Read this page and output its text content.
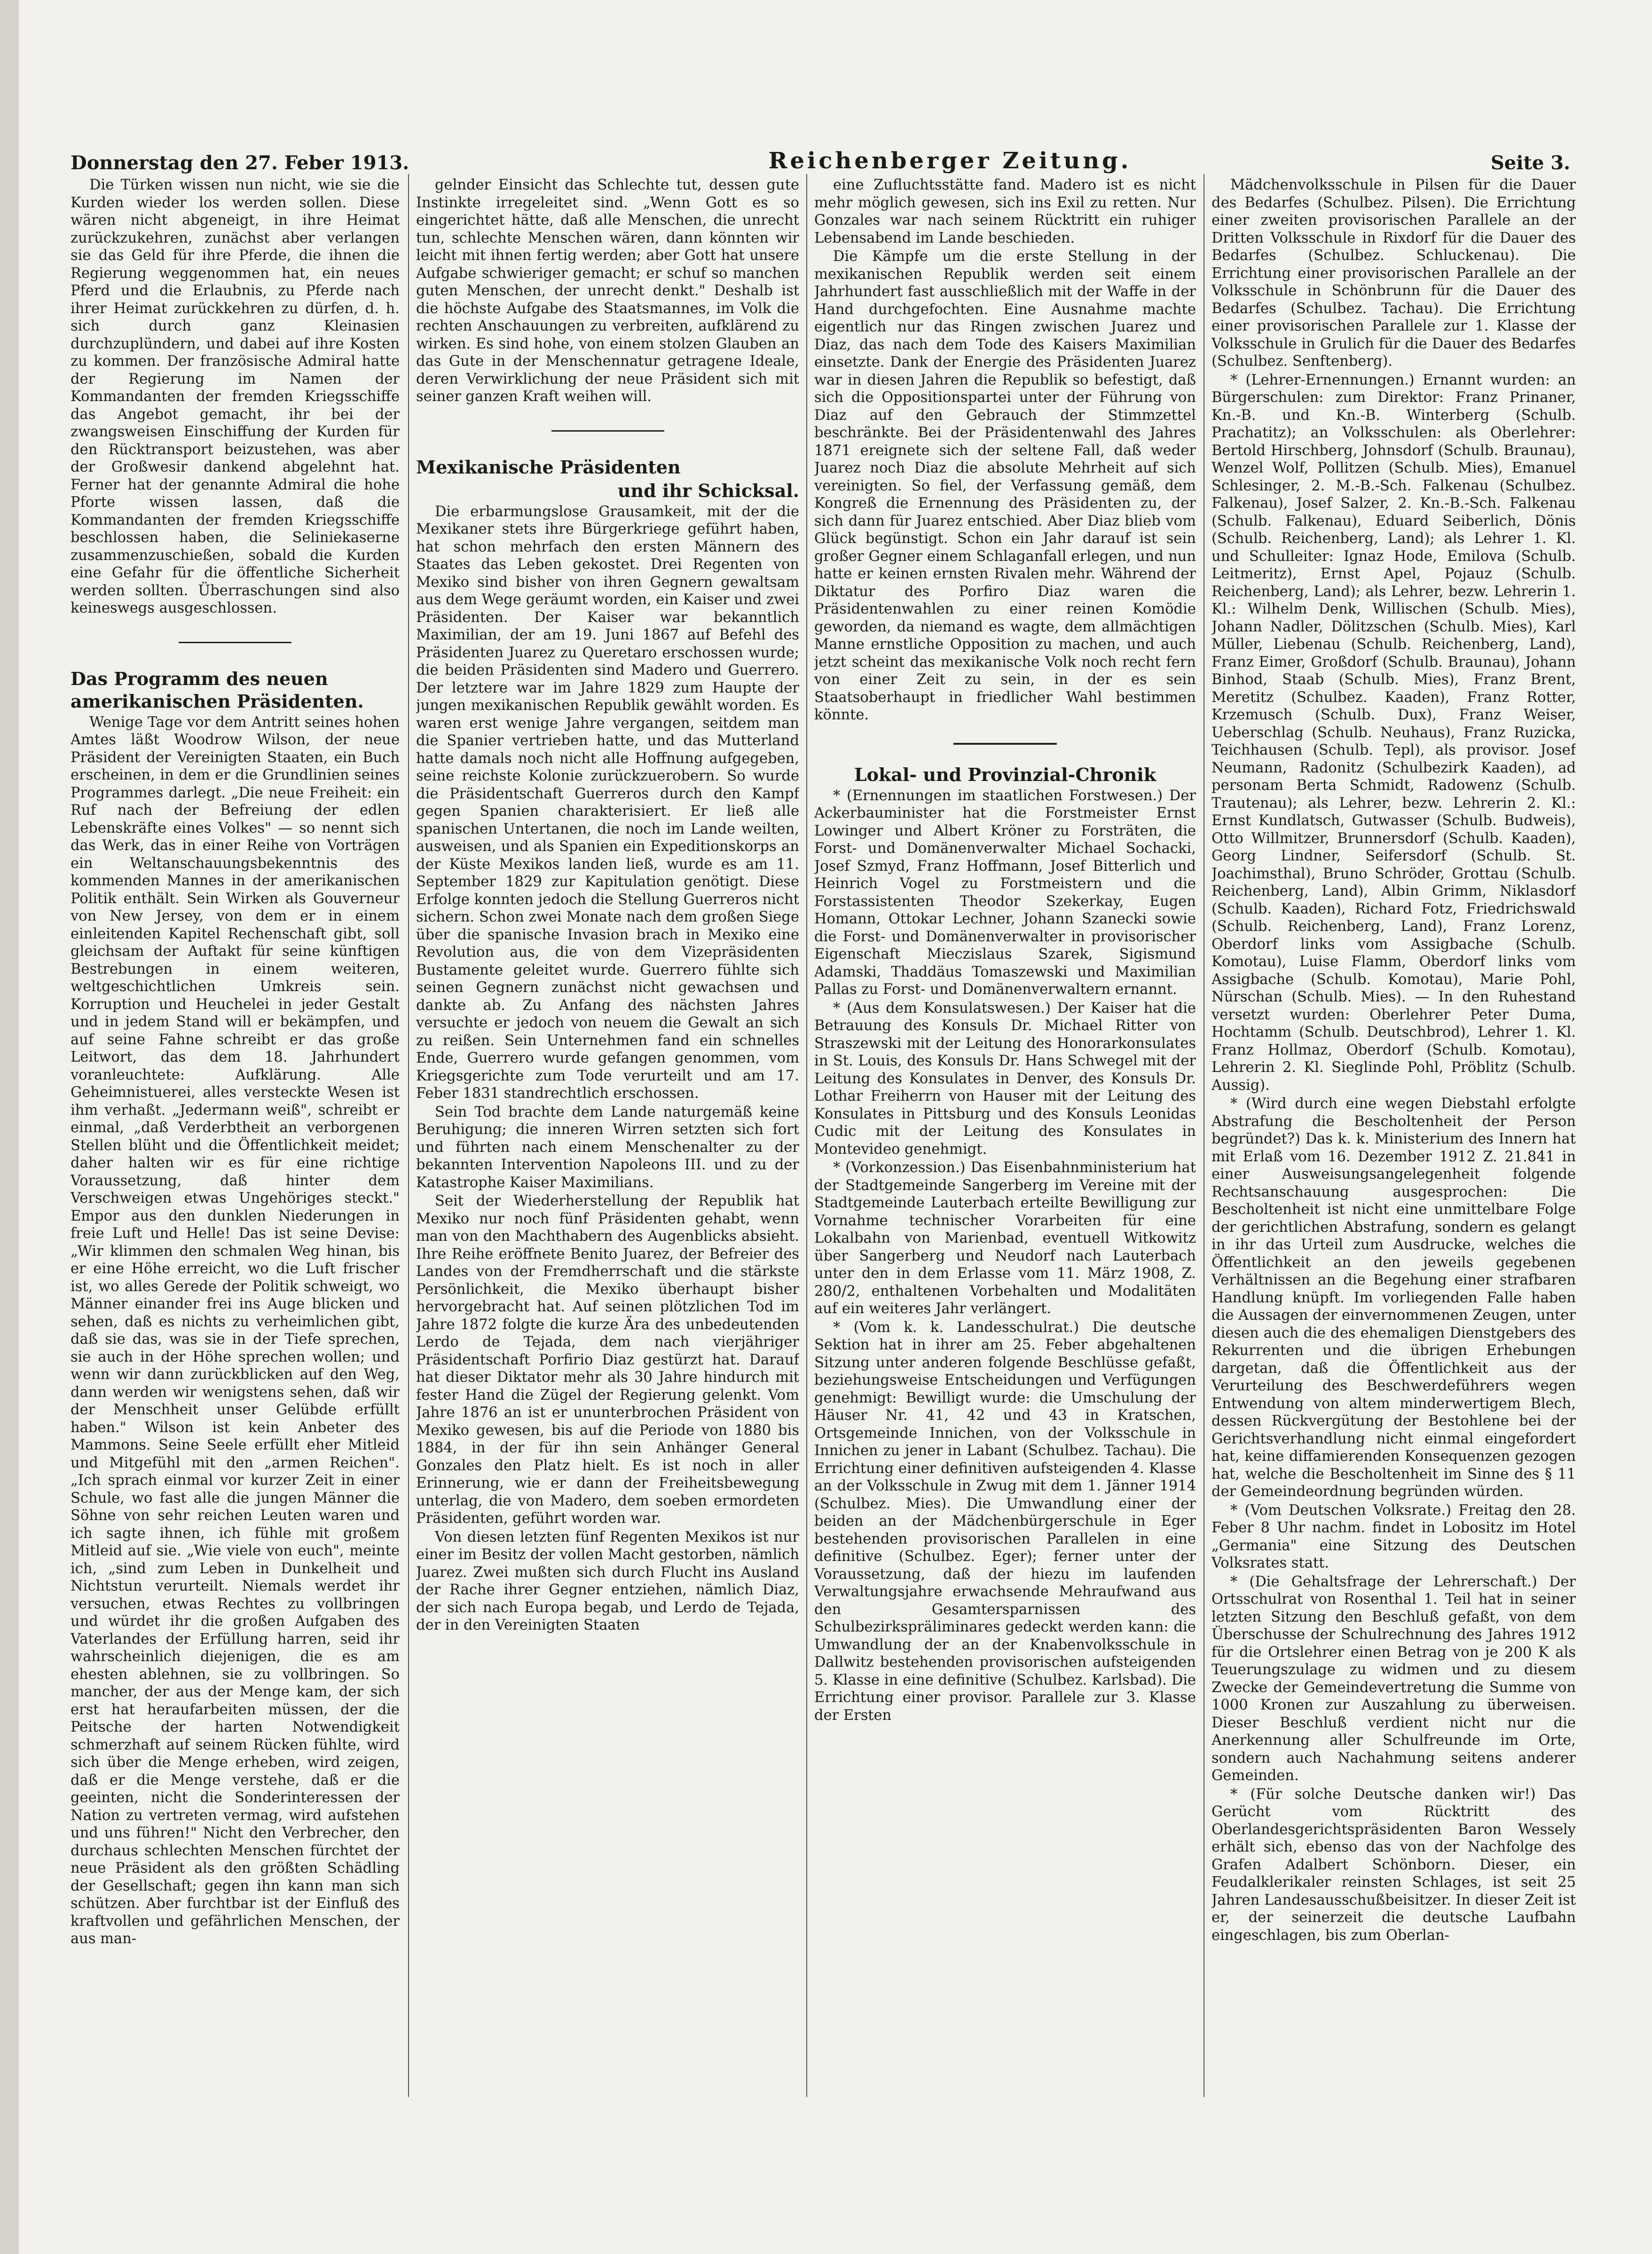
Donnerstag den 27. Feber 1913.	Reichenberger Zeitung.	Seite 3.

Die Türken wissen nun nicht, wie sie die Kurden wieder los werden sollen. Diese wären nicht abgeneigt, in ihre Heimat zurückzukehren, zunächst aber verlangen sie das Geld für ihre Pferde, die ihnen die Regierung weggenommen hat, ein neues Pferd und die Erlaubnis, zu Pferde nach ihrer Heimat zurückkehren zu dürfen, d. h. sich durch ganz Kleinasien durchzuplündern, und dabei auf ihre Kosten zu kommen. Der französische Admiral hatte der Regierung im Namen der Kommandanten der fremden Kriegsschiffe das Angebot gemacht, ihr bei der zwangsweisen Einschiffung der Kurden für den Rücktransport beizustehen, was aber der Großwesir dankend abgelehnt hat. Ferner hat der genannte Admiral die hohe Pforte wissen lassen, daß die Kommandanten der fremden Kriegsschiffe beschlossen haben, die Seliniekaserne zusammenzuschießen, sobald die Kurden eine Gefahr für die öffentliche Sicherheit werden sollten. Überraschungen sind also keineswegs ausgeschlossen.

Das Programm des neuen amerikanischen Präsidenten.

Wenige Tage vor dem Antritt seines hohen Amtes läßt Woodrow Wilson, der neue Präsident der Vereinigten Staaten, ein Buch erscheinen, in dem er die Grundlinien seines Programmes darlegt. „Die neue Freiheit: ein Ruf nach der Befreiung der edlen Lebenskräfte eines Volkes" — so nennt sich das Werk, das in einer Reihe von Vorträgen ein Weltanschauungsbekenntnis des kommenden Mannes in der amerikanischen Politik enthält. Sein Wirken als Gouverneur von New Jersey, von dem er in einem einleitenden Kapitel Rechenschaft gibt, soll gleichsam der Auftakt für seine künftigen Bestrebungen in einem weiteren, weltgeschichtlichen Umkreis sein. Korruption und Heuchelei in jeder Gestalt und in jedem Stand will er bekämpfen, und auf seine Fahne schreibt er das große Leitwort, das dem 18. Jahrhundert voranleuchtete: Aufklärung. Alle Geheimnistuerei, alles versteckte Wesen ist ihm verhaßt. „Jedermann weiß", schreibt er einmal, „daß Verderbtheit an verborgenen Stellen blüht und die Öffentlichkeit meidet; daher halten wir es für eine richtige Voraussetzung, daß hinter dem Verschweigen etwas Ungehöriges steckt." Empor aus den dunklen Niederungen in freie Luft und Helle! Das ist seine Devise: „Wir klimmen den schmalen Weg hinan, bis er eine Höhe erreicht, wo die Luft frischer ist, wo alles Gerede der Politik schweigt, wo Männer einander frei ins Auge blicken und sehen, daß es nichts zu verheimlichen gibt, daß sie das, was sie in der Tiefe sprechen, sie auch in der Höhe sprechen wollen; und wenn wir dann zurückblicken auf den Weg, dann werden wir wenigstens sehen, daß wir der Menschheit unser Gelübde erfüllt haben." Wilson ist kein Anbeter des Mammons. Seine Seele erfüllt eher Mitleid und Mitgefühl mit den „armen Reichen". „Ich sprach einmal vor kurzer Zeit in einer Schule, wo fast alle die jungen Männer die Söhne von sehr reichen Leuten waren und ich sagte ihnen, ich fühle mit großem Mitleid auf sie. „Wie viele von euch", meinte ich, „sind zum Leben in Dunkelheit und Nichtstun verurteilt. Niemals werdet ihr versuchen, etwas Rechtes zu vollbringen und würdet ihr die großen Aufgaben des Vaterlandes der Erfüllung harren, seid ihr wahrscheinlich diejenigen, die es am ehesten ablehnen, sie zu vollbringen. So mancher, der aus der Menge kam, der sich erst hat heraufarbeiten müssen, der die Peitsche der harten Notwendigkeit schmerzhaft auf seinem Rücken fühlte, wird sich über die Menge erheben, wird zeigen, daß er die Menge verstehe, daß er die geeinten, nicht die Sonderinteressen der Nation zu vertreten vermag, wird aufstehen und uns führen!" Nicht den Verbrecher, den durchaus schlechten Menschen fürchtet der neue Präsident als den größten Schädling der Gesellschaft; gegen ihn kann man sich schützen. Aber furchtbar ist der Einfluß des kraftvollen und gefährlichen Menschen, der aus man-

gelnder Einsicht das Schlechte tut, dessen gute Instinkte irregeleitet sind. „Wenn Gott es so eingerichtet hätte, daß alle Menschen, die unrecht tun, schlechte Menschen wären, dann könnten wir leicht mit ihnen fertig werden; aber Gott hat unsere Aufgabe schwieriger gemacht; er schuf so manchen guten Menschen, der unrecht denkt." Deshalb ist die höchste Aufgabe des Staatsmannes, im Volk die rechten Anschauungen zu verbreiten, aufklärend zu wirken. Es sind hohe, von einem stolzen Glauben an das Gute in der Menschennatur getragene Ideale, deren Verwirklichung der neue Präsident sich mit seiner ganzen Kraft weihen will.

Mexikanische Präsidenten

und ihr Schicksal.

Die erbarmungslose Grausamkeit, mit der die Mexikaner stets ihre Bürgerkriege geführt haben, hat schon mehrfach den ersten Männern des Staates das Leben gekostet. Drei Regenten von Mexiko sind bisher von ihren Gegnern gewaltsam aus dem Wege geräumt worden, ein Kaiser und zwei Präsidenten. Der Kaiser war bekanntlich Maximilian, der am 19. Juni 1867 auf Befehl des Präsidenten Juarez zu Queretaro erschossen wurde; die beiden Präsidenten sind Madero und Guerrero. Der letztere war im Jahre 1829 zum Haupte der jungen mexikanischen Republik gewählt worden. Es waren erst wenige Jahre vergangen, seitdem man die Spanier vertrieben hatte, und das Mutterland hatte damals noch nicht alle Hoffnung aufgegeben, seine reichste Kolonie zurückzuerobern. So wurde die Präsidentschaft Guerreros durch den Kampf gegen Spanien charakterisiert. Er ließ alle spanischen Untertanen, die noch im Lande weilten, ausweisen, und als Spanien ein Expeditionskorps an der Küste Mexikos landen ließ, wurde es am 11. September 1829 zur Kapitulation genötigt. Diese Erfolge konnten jedoch die Stellung Guerreros nicht sichern. Schon zwei Monate nach dem großen Siege über die spanische Invasion brach in Mexiko eine Revolution aus, die von dem Vizepräsidenten Bustamente geleitet wurde. Guerrero fühlte sich seinen Gegnern zunächst nicht gewachsen und dankte ab. Zu Anfang des nächsten Jahres versuchte er jedoch von neuem die Gewalt an sich zu reißen. Sein Unternehmen fand ein schnelles Ende, Guerrero wurde gefangen genommen, vom Kriegsgerichte zum Tode verurteilt und am 17. Feber 1831 standrechtlich erschossen.

Sein Tod brachte dem Lande naturgemäß keine Beruhigung; die inneren Wirren setzten sich fort und führten nach einem Menschenalter zu der bekannten Intervention Napoleons III. und zu der Katastrophe Kaiser Maximilians.

Seit der Wiederherstellung der Republik hat Mexiko nur noch fünf Präsidenten gehabt, wenn man von den Machthabern des Augenblicks absieht. Ihre Reihe eröffnete Benito Juarez, der Befreier des Landes von der Fremdherrschaft und die stärkste Persönlichkeit, die Mexiko überhaupt bisher hervorgebracht hat. Auf seinen plötzlichen Tod im Jahre 1872 folgte die kurze Ära des unbedeutenden Lerdo de Tejada, dem nach vierjähriger Präsidentschaft Porfirio Diaz gestürzt hat. Darauf hat dieser Diktator mehr als 30 Jahre hindurch mit fester Hand die Zügel der Regierung gelenkt. Vom Jahre 1876 an ist er ununterbrochen Präsident von Mexiko gewesen, bis auf die Periode von 1880 bis 1884, in der für ihn sein Anhänger General Gonzales den Platz hielt. Es ist noch in aller Erinnerung, wie er dann der Freiheitsbewegung unterlag, die von Madero, dem soeben ermordeten Präsidenten, geführt worden war.

Von diesen letzten fünf Regenten Mexikos ist nur einer im Besitz der vollen Macht gestorben, nämlich Juarez. Zwei mußten sich durch Flucht ins Ausland der Rache ihrer Gegner entziehen, nämlich Diaz, der sich nach Europa begab, und Lerdo de Tejada, der in den Vereinigten Staaten

eine Zufluchtsstätte fand. Madero ist es nicht mehr möglich gewesen, sich ins Exil zu retten. Nur Gonzales war nach seinem Rücktritt ein ruhiger Lebensabend im Lande beschieden.

Die Kämpfe um die erste Stellung in der mexikanischen Republik werden seit einem Jahrhundert fast ausschließlich mit der Waffe in der Hand durchgefochten. Eine Ausnahme machte eigentlich nur das Ringen zwischen Juarez und Diaz, das nach dem Tode des Kaisers Maximilian einsetzte. Dank der Energie des Präsidenten Juarez war in diesen Jahren die Republik so befestigt, daß sich die Oppositionspartei unter der Führung von Diaz auf den Gebrauch der Stimmzettel beschränkte. Bei der Präsidentenwahl des Jahres 1871 ereignete sich der seltene Fall, daß weder Juarez noch Diaz die absolute Mehrheit auf sich vereinigten. So fiel, der Verfassung gemäß, dem Kongreß die Ernennung des Präsidenten zu, der sich dann für Juarez entschied. Aber Diaz blieb vom Glück begünstigt. Schon ein Jahr darauf ist sein großer Gegner einem Schlaganfall erlegen, und nun hatte er keinen ernsten Rivalen mehr. Während der Diktatur des Porfiro Diaz waren die Präsidentenwahlen zu einer reinen Komödie geworden, da niemand es wagte, dem allmächtigen Manne ernstliche Opposition zu machen, und auch jetzt scheint das mexikanische Volk noch recht fern von einer Zeit zu sein, in der es sein Staatsoberhaupt in friedlicher Wahl bestimmen könnte.

Lokal- und Provinzial-Chronik

* (Ernennungen im staatlichen Forstwesen.) Der Ackerbauminister hat die Forstmeister Ernst Lowinger und Albert Kröner zu Forsträten, die Forst- und Domänenverwalter Michael Sochacki, Josef Szmyd, Franz Hoffmann, Josef Bitterlich und Heinrich Vogel zu Forstmeistern und die Forstassistenten Theodor Szekerkay, Eugen Homann, Ottokar Lechner, Johann Szanecki sowie die Forst- und Domänenverwalter in provisorischer Eigenschaft Mieczislaus Szarek, Sigismund Adamski, Thaddäus Tomaszewski und Maximilian Pallas zu Forst- und Domänenverwaltern ernannt.

* (Aus dem Konsulatswesen.) Der Kaiser hat die Betrauung des Konsuls Dr. Michael Ritter von Straszewski mit der Leitung des Honorarkonsulates in St. Louis, des Konsuls Dr. Hans Schwegel mit der Leitung des Konsulates in Denver, des Konsuls Dr. Lothar Freiherrn von Hauser mit der Leitung des Konsulates in Pittsburg und des Konsuls Leonidas Cudic mit der Leitung des Konsulates in Montevideo genehmigt.

* (Vorkonzession.) Das Eisenbahnministerium hat der Stadtgemeinde Sangerberg im Vereine mit der Stadtgemeinde Lauterbach erteilte Bewilligung zur Vornahme technischer Vorarbeiten für eine Lokalbahn von Marienbad, eventuell Witkowitz über Sangerberg und Neudorf nach Lauterbach unter den in dem Erlasse vom 11. März 1908, Z. 280/2, enthaltenen Vorbehalten und Modalitäten auf ein weiteres Jahr verlängert.

* (Vom k. k. Landesschulrat.) Die deutsche Sektion hat in ihrer am 25. Feber abgehaltenen Sitzung unter anderen folgende Beschlüsse gefaßt, beziehungsweise Entscheidungen und Verfügungen genehmigt: Bewilligt wurde: die Umschulung der Häuser Nr. 41, 42 und 43 in Kratschen, Ortsgemeinde Innichen, von der Volksschule in Innichen zu jener in Labant (Schulbez. Tachau). Die Errichtung einer definitiven aufsteigenden 4. Klasse an der Volksschule in Zwug mit dem 1. Jänner 1914 (Schulbez. Mies). Die Umwandlung einer der beiden an der Mädchenbürgerschule in Eger bestehenden provisorischen Parallelen in eine definitive (Schulbez. Eger); ferner unter der Voraussetzung, daß der hiezu im laufenden Verwaltungsjahre erwachsende Mehraufwand aus den Gesamtersparnissen des Schulbezirkspräliminares gedeckt werden kann: die Umwandlung der an der Knabenvolksschule in Dallwitz bestehenden provisorischen aufsteigenden 5. Klasse in eine definitive (Schulbez. Karlsbad). Die Errichtung einer provisor. Parallele zur 3. Klasse der Ersten

Mädchenvolksschule in Pilsen für die Dauer des Bedarfes (Schulbez. Pilsen). Die Errichtung einer zweiten provisorischen Parallele an der Dritten Volksschule in Rixdorf für die Dauer des Bedarfes (Schulbez. Schluckenau). Die Errichtung einer provisorischen Parallele an der Volksschule in Schönbrunn für die Dauer des Bedarfes (Schulbez. Tachau). Die Errichtung einer provisorischen Parallele zur 1. Klasse der Volksschule in Grulich für die Dauer des Bedarfes (Schulbez. Senftenberg).

* (Lehrer-Ernennungen.) Ernannt wurden: an Bürgerschulen: zum Direktor: Franz Prinaner, Kn.-B. und Kn.-B. Winterberg (Schulb. Prachatitz); an Volksschulen: als Oberlehrer: Bertold Hirschberg, Johnsdorf (Schulb. Braunau), Wenzel Wolf, Pollitzen (Schulb. Mies), Emanuel Schlesinger, 2. M.-B.-Sch. Falkenau (Schulbez. Falkenau), Josef Salzer, 2. Kn.-B.-Sch. Falkenau (Schulb. Falkenau), Eduard Seiberlich, Dönis (Schulb. Reichenberg, Land); als Lehrer 1. Kl. und Schulleiter: Ignaz Hode, Emilova (Schulb. Leitmeritz), Ernst Apel, Pojauz (Schulb. Reichenberg, Land); als Lehrer, bezw. Lehrerin 1. Kl.: Wilhelm Denk, Willischen (Schulb. Mies), Johann Nadler, Dölitzschen (Schulb. Mies), Karl Müller, Liebenau (Schulb. Reichenberg, Land), Franz Eimer, Großdorf (Schulb. Braunau), Johann Binhod, Staab (Schulb. Mies), Franz Brent, Meretitz (Schulbez. Kaaden), Franz Rotter, Krzemusch (Schulb. Dux), Franz Weiser, Ueberschlag (Schulb. Neuhaus), Franz Ruzicka, Teichhausen (Schulb. Tepl), als provisor. Josef Neumann, Radonitz (Schulbezirk Kaaden), ad personam Berta Schmidt, Radowenz (Schulb. Trautenau); als Lehrer, bezw. Lehrerin 2. Kl.: Ernst Kundlatsch, Gutwasser (Schulb. Budweis), Otto Willmitzer, Brunnersdorf (Schulb. Kaaden), Georg Lindner, Seifersdorf (Schulb. St. Joachimsthal), Bruno Schröder, Grottau (Schulb. Reichenberg, Land), Albin Grimm, Niklasdorf (Schulb. Kaaden), Richard Fotz, Friedrichswald (Schulb. Reichenberg, Land), Franz Lorenz, Oberdorf links vom Assigbache (Schulb. Komotau), Luise Flamm, Oberdorf links vom Assigbache (Schulb. Komotau), Marie Pohl, Nürschan (Schulb. Mies). — In den Ruhestand versetzt wurden: Oberlehrer Peter Duma, Hochtamm (Schulb. Deutschbrod), Lehrer 1. Kl. Franz Hollmaz, Oberdorf (Schulb. Komotau), Lehrerin 2. Kl. Sieglinde Pohl, Pröblitz (Schulb. Aussig).

* (Wird durch eine wegen Diebstahl erfolgte Abstrafung die Bescholtenheit der Person begründet?) Das k. k. Ministerium des Innern hat mit Erlaß vom 16. Dezember 1912 Z. 21.841 in einer Ausweisungsangelegenheit folgende Rechtsanschauung ausgesprochen: Die Bescholtenheit ist nicht eine unmittelbare Folge der gerichtlichen Abstrafung, sondern es gelangt in ihr das Urteil zum Ausdrucke, welches die Öffentlichkeit an den jeweils gegebenen Verhältnissen an die Begehung einer strafbaren Handlung knüpft. Im vorliegenden Falle haben die Aussagen der einvernommenen Zeugen, unter diesen auch die des ehemaligen Dienstgebers des Rekurrenten und die übrigen Erhebungen dargetan, daß die Öffentlichkeit aus der Verurteilung des Beschwerdeführers wegen Entwendung von altem minderwertigem Blech, dessen Rückvergütung der Bestohlene bei der Gerichtsverhandlung nicht einmal eingefordert hat, keine diffamierenden Konsequenzen gezogen hat, welche die Bescholtenheit im Sinne des § 11 der Gemeindeordnung begründen würden.

* (Vom Deutschen Volksrate.) Freitag den 28. Feber 8 Uhr nachm. findet in Lobositz im Hotel „Germania" eine Sitzung des Deutschen Volksrates statt.

* (Die Gehaltsfrage der Lehrerschaft.) Der Ortsschulrat von Rosenthal 1. Teil hat in seiner letzten Sitzung den Beschluß gefaßt, von dem Überschusse der Schulrechnung des Jahres 1912 für die Ortslehrer einen Betrag von je 200 K als Teuerungszulage zu widmen und zu diesem Zwecke der Gemeindevertretung die Summe von 1000 Kronen zur Auszahlung zu überweisen. Dieser Beschluß verdient nicht nur die Anerkennung aller Schulfreunde im Orte, sondern auch Nachahmung seitens anderer Gemeinden.

* (Für solche Deutsche danken wir!) Das Gerücht vom Rücktritt des Oberlandesgerichtspräsidenten Baron Wessely erhält sich, ebenso das von der Nachfolge des Grafen Adalbert Schönborn. Dieser, ein Feudalklerikaler reinsten Schlages, ist seit 25 Jahren Landesausschußbeisitzer. In dieser Zeit ist er, der seinerzeit die deutsche Laufbahn eingeschlagen, bis zum Oberlan-
